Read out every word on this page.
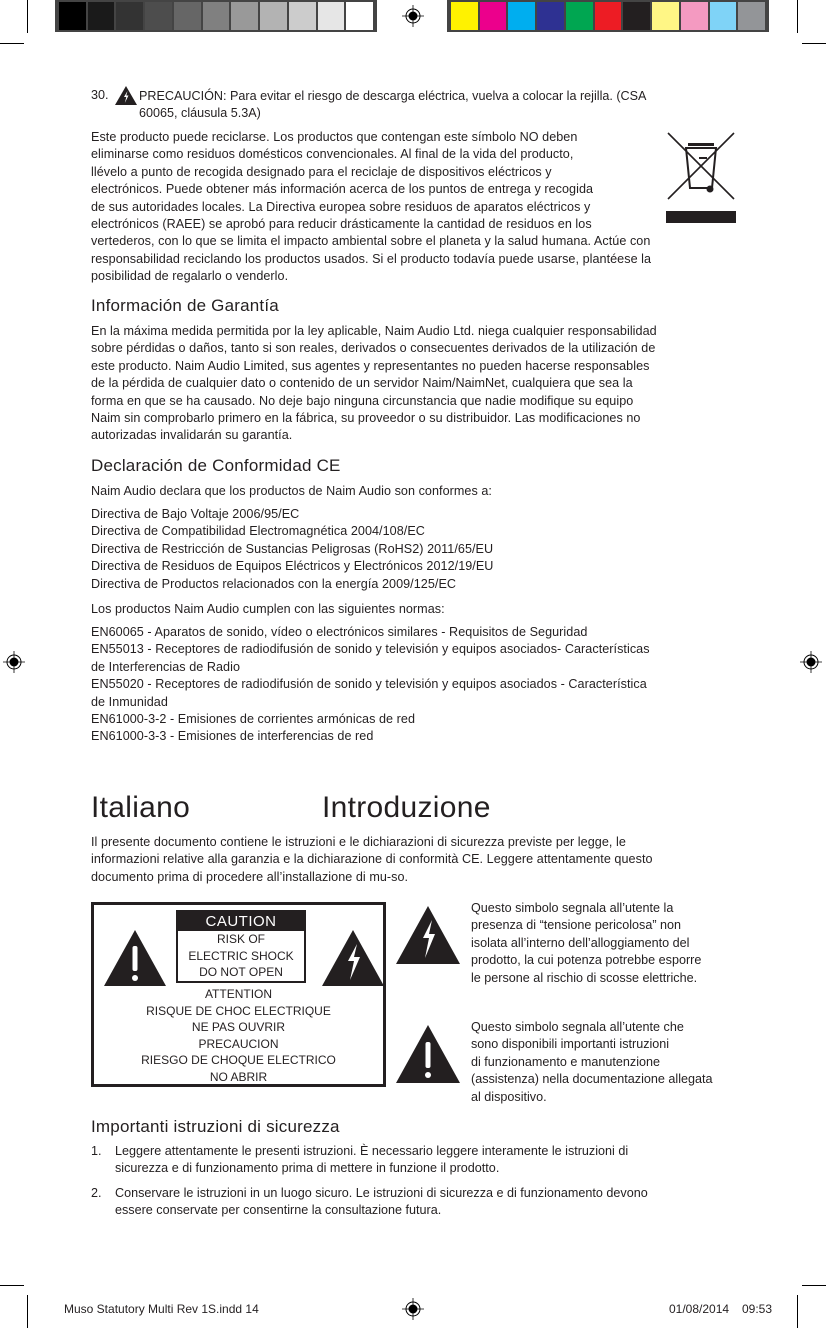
30. PRECAUCIÓN: Para evitar el riesgo de descarga eléctrica, vuelva a colocar la rejilla. (CSA
60065, cláusula 5.3A)
Este producto puede reciclarse. Los productos que contengan este símbolo NO deben
eliminarse como residuos domésticos convencionales. Al final de la vida del producto,
llévelo a punto de recogida designado para el reciclaje de dispositivos eléctricos y
electrónicos. Puede obtener más información acerca de los puntos de entrega y recogida
de sus autoridades locales. La Directiva europea sobre residuos de aparatos eléctricos y
electrónicos (RAEE) se aprobó para reducir drásticamente la cantidad de residuos en los
vertederos, con lo que se limita el impacto ambiental sobre el planeta y la salud humana. Actúe con
responsabilidad reciclando los productos usados. Si el producto todavía puede usarse, plantéese la
posibilidad de regalarlo o venderlo.
Información de Garantía
En la máxima medida permitida por la ley aplicable, Naim Audio Ltd. niega cualquier responsabilidad
sobre pérdidas o daños, tanto si son reales, derivados o consecuentes derivados de la utilización de
este producto. Naim Audio Limited, sus agentes y representantes no pueden hacerse responsables
de la pérdida de cualquier dato o contenido de un servidor Naim/NaimNet, cualquiera que sea la
forma en que se ha causado. No deje bajo ninguna circunstancia que nadie modifique su equipo
Naim sin comprobarlo primero en la fábrica, su proveedor o su distribuidor. Las modificaciones no
autorizadas invalidarán su garantía.
Declaración de Conformidad CE
Naim Audio declara que los productos de Naim Audio son conformes a:
Directiva de Bajo Voltaje 2006/95/EC
Directiva de Compatibilidad Electromagnética 2004/108/EC
Directiva de Restricción de Sustancias Peligrosas (RoHS2) 2011/65/EU
Directiva de Residuos de Equipos Eléctricos y Electrónicos 2012/19/EU
Directiva de Productos relacionados con la energía 2009/125/EC
Los productos Naim Audio cumplen con las siguientes normas:
EN60065 - Aparatos de sonido, vídeo o electrónicos similares - Requisitos de Seguridad
EN55013 - Receptores de radiodifusión de sonido y televisión y equipos asociados- Características
de Interferencias de Radio
EN55020 - Receptores de radiodifusión de sonido y televisión y equipos asociados - Característica
de Inmunidad
EN61000-3-2 - Emisiones de corrientes armónicas de red
EN61000-3-3 - Emisiones de interferencias de red
Italiano	Introduzione
Il presente documento contiene le istruzioni e le dichiarazioni di sicurezza previste per legge, le
informazioni relative alla garanzia e la dichiarazione di conformità CE. Leggere attentamente questo
documento prima di procedere all’installazione di mu-so.
CAUTION
RISK OF
ELECTRIC SHOCK
DO NOT OPEN
ATTENTION
RISQUE DE CHOC ELECTRIQUE
NE PAS OUVRIR
PRECAUCION
RIESGO DE CHOQUE ELECTRICO
NO ABRIR
Questo simbolo segnala all’utente la
presenza di “tensione pericolosa” non
isolata all’interno dell’alloggiamento del
prodotto, la cui potenza potrebbe esporre
le persone al rischio di scosse elettriche.
Questo simbolo segnala all’utente che
sono disponibili importanti istruzioni
di funzionamento e manutenzione
(assistenza) nella documentazione allegata
al dispositivo.
Importanti istruzioni di sicurezza
1. Leggere attentamente le presenti istruzioni. È necessario leggere interamente le istruzioni di
sicurezza e di funzionamento prima di mettere in funzione il prodotto.
2. Conservare le istruzioni in un luogo sicuro. Le istruzioni di sicurezza e di funzionamento devono
essere conservate per consentirne la consultazione futura.
Muso Statutory Multi Rev 1S.indd 14	01/08/2014 09:53
